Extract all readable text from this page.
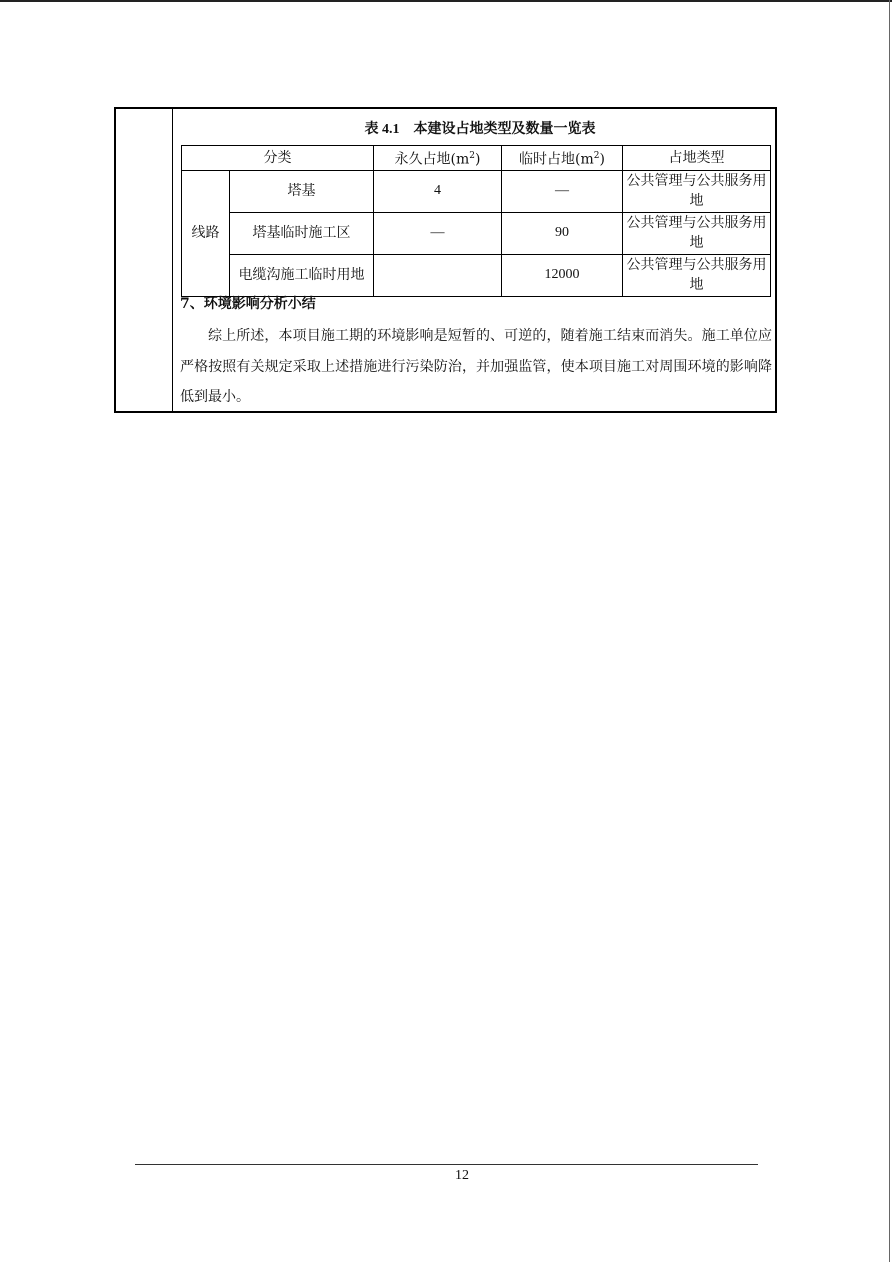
表 4.1 本建设占地类型及数量一览表
分类		永久占地$(m^2)$	临时占地$(m^2)$	占地类型
线路	塔基	4	—	公共管理与公共服务用地
	塔基临时施工区	—	90	公共管理与公共服务用地
	电缆沟施工临时用地		12000	公共管理与公共服务用地
7、环境影响分析小结
综上所述，本项目施工期的环境影响是短暂的、可逆的，随着施工结束而消失。施工单位应严格按照有关规定采取上述措施进行污染防治，并加强监管，使本项目施工对周围环境的影响降低到最小。
12
